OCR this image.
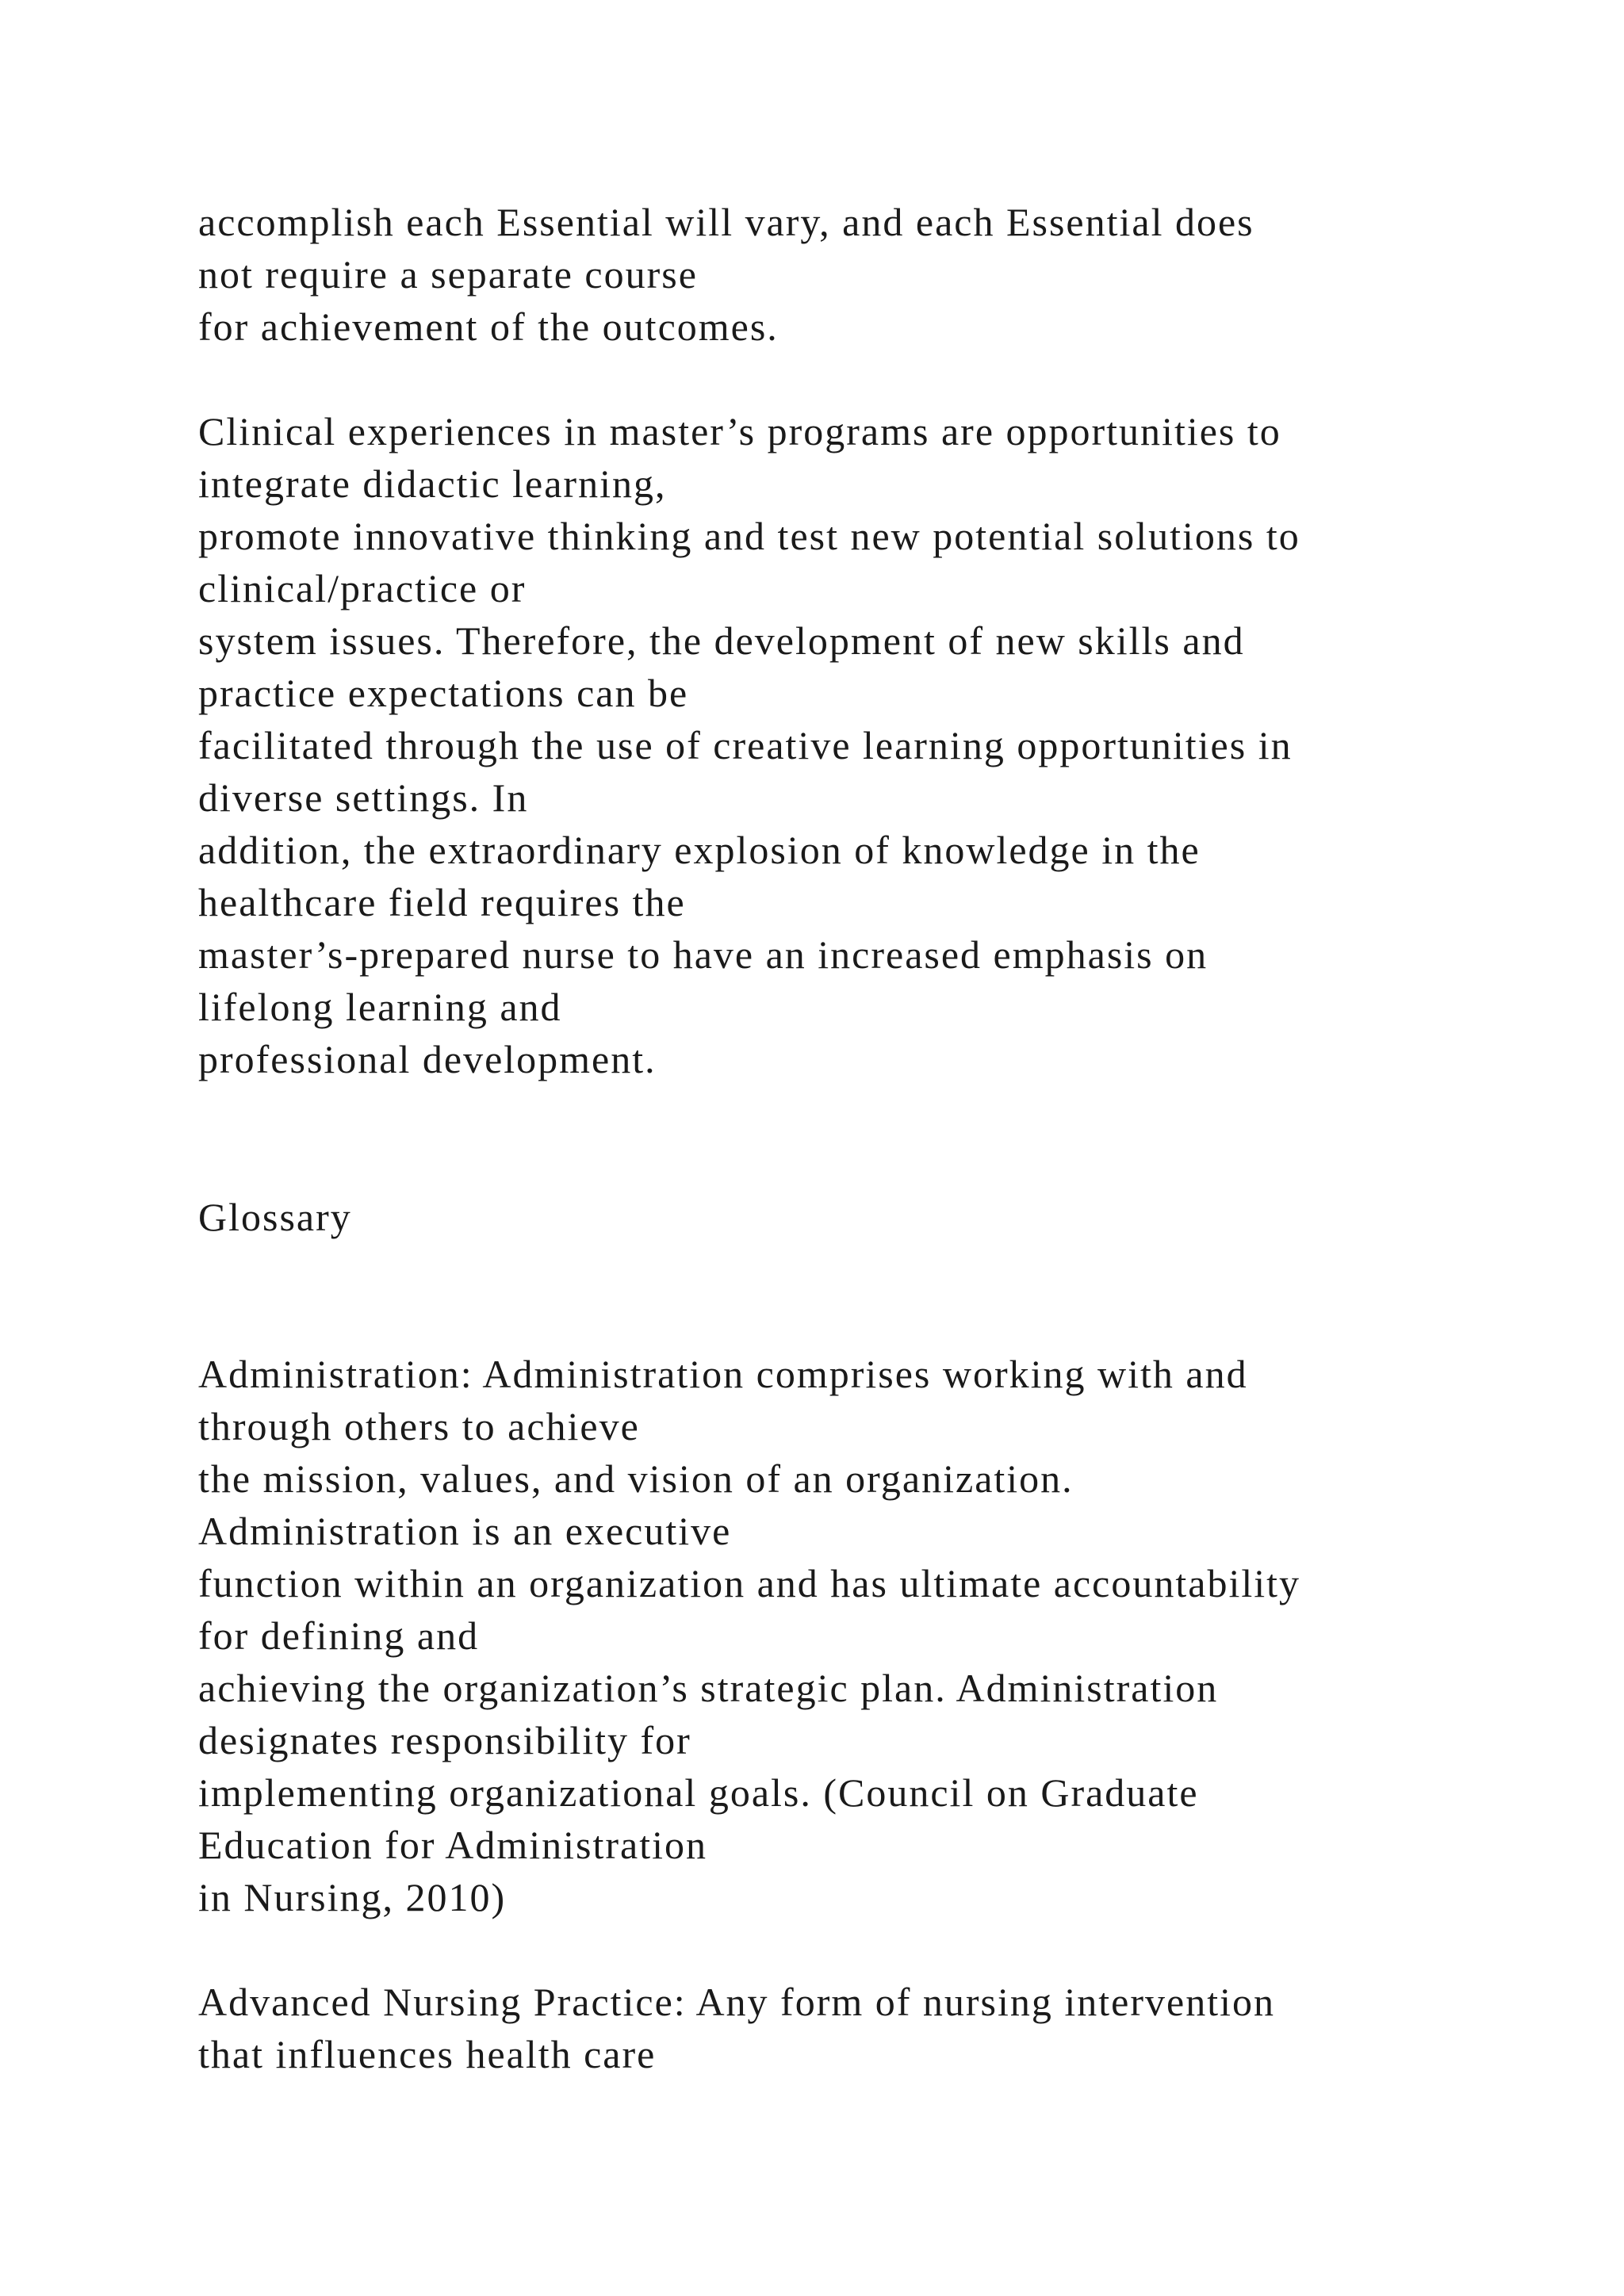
accomplish each Essential will vary, and each Essential does
not require a separate course
for achievement of the outcomes.
Clinical experiences in master’s programs are opportunities to
integrate didactic learning,
promote innovative thinking and test new potential solutions to
clinical/practice or
system issues. Therefore, the development of new skills and
practice expectations can be
facilitated through the use of creative learning opportunities in
diverse settings. In
addition, the extraordinary explosion of knowledge in the
healthcare field requires the
master’s-prepared nurse to have an increased emphasis on
lifelong learning and
professional development.
Glossary
Administration: Administration comprises working with and
through others to achieve
the mission, values, and vision of an organization.
Administration is an executive
function within an organization and has ultimate accountability
for defining and
achieving the organization’s strategic plan. Administration
designates responsibility for
implementing organizational goals. (Council on Graduate
Education for Administration
in Nursing, 2010)
Advanced Nursing Practice: Any form of nursing intervention
that influences health care
